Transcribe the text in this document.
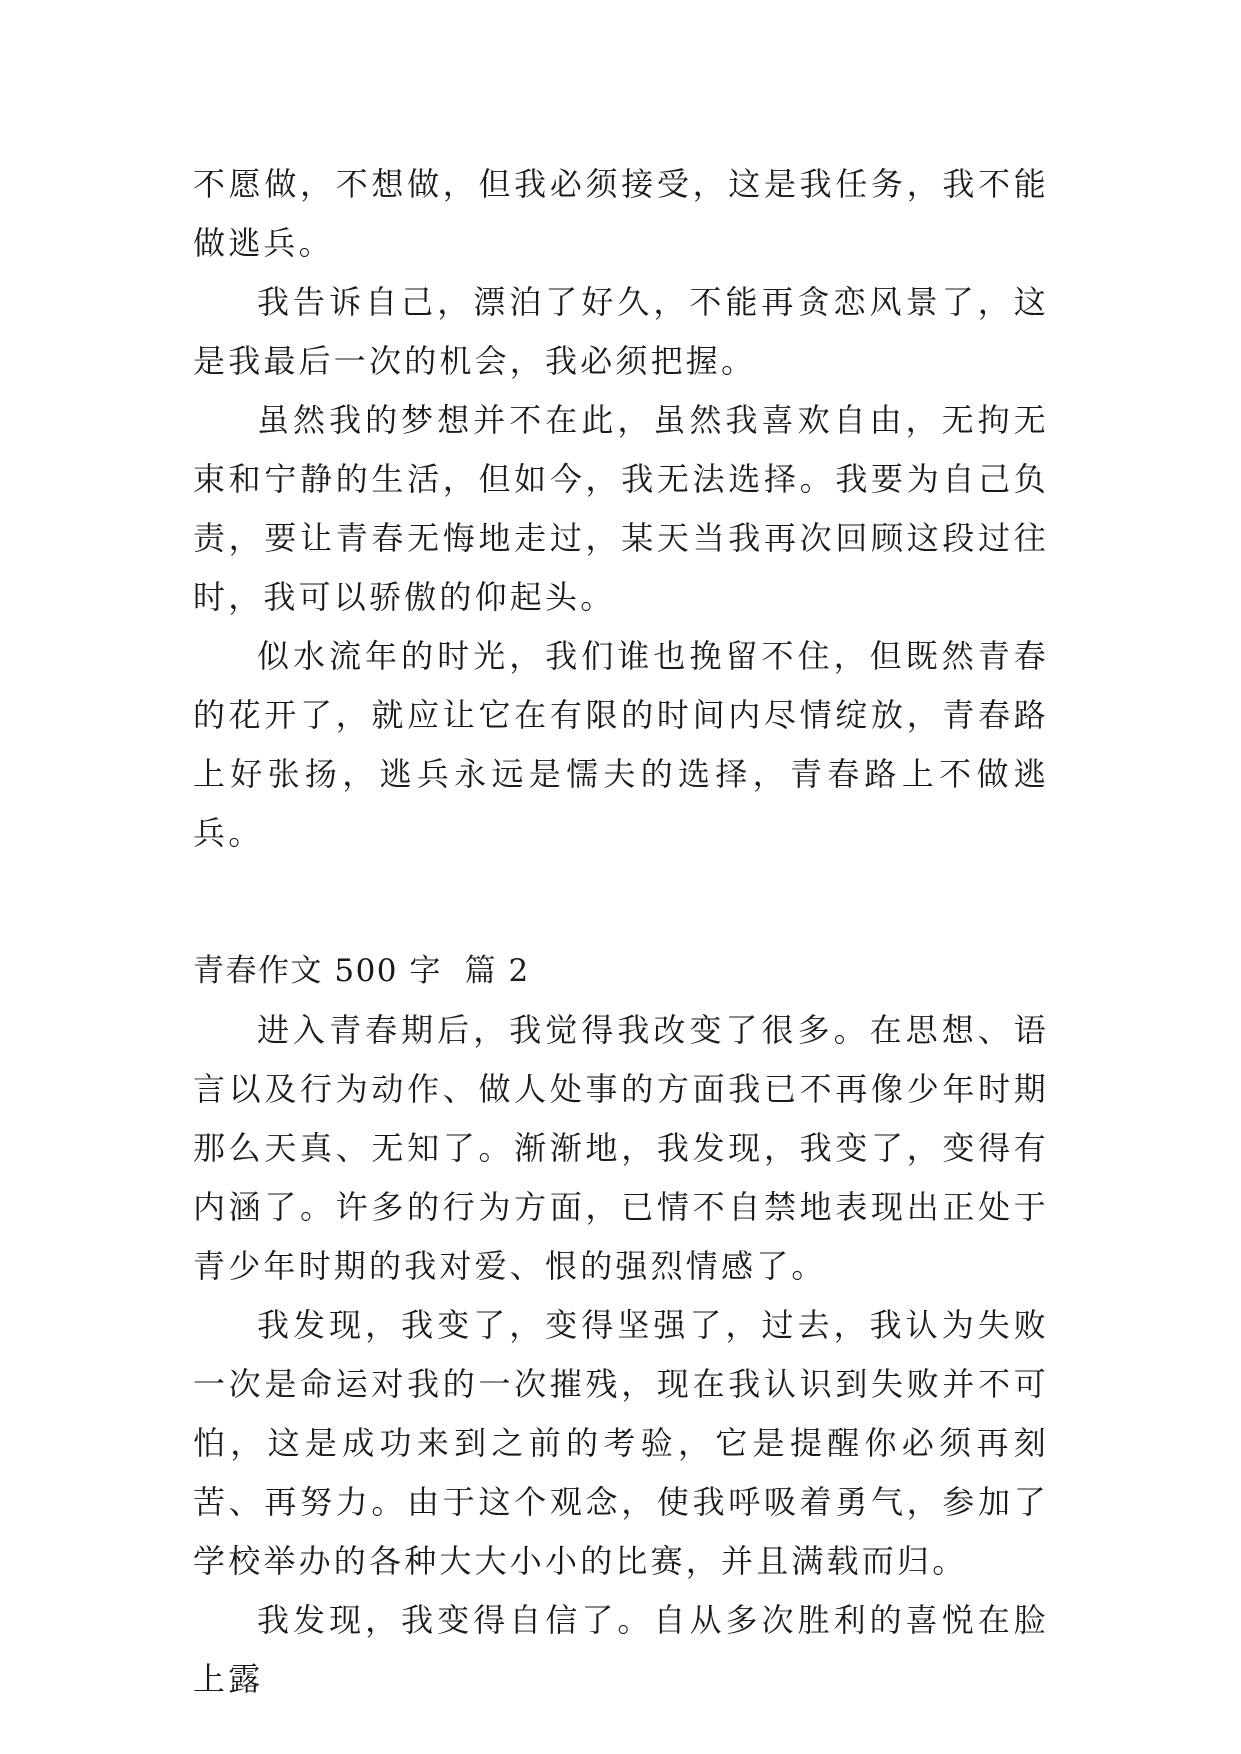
不愿做，不想做，但我必须接受，这是我任务，我不能做逃兵。

我告诉自己，漂泊了好久，不能再贪恋风景了，这是我最后一次的机会，我必须把握。

虽然我的梦想并不在此，虽然我喜欢自由，无拘无束和宁静的生活，但如今，我无法选择。我要为自己负责，要让青春无悔地走过，某天当我再次回顾这段过往时，我可以骄傲的仰起头。

似水流年的时光，我们谁也挽留不住，但既然青春的花开了，就应让它在有限的时间内尽情绽放，青春路上好张扬，逃兵永远是懦夫的选择，青春路上不做逃兵。

青春作文 500 字  篇 2

进入青春期后，我觉得我改变了很多。在思想、语言以及行为动作、做人处事的方面我已不再像少年时期那么天真、无知了。渐渐地，我发现，我变了，变得有内涵了。许多的行为方面，已情不自禁地表现出正处于青少年时期的我对爱、恨的强烈情感了。

我发现，我变了，变得坚强了，过去，我认为失败一次是命运对我的一次摧残，现在我认识到失败并不可怕，这是成功来到之前的考验，它是提醒你必须再刻苦、再努力。由于这个观念，使我呼吸着勇气，参加了学校举办的各种大大小小的比赛，并且满载而归。

我发现，我变得自信了。自从多次胜利的喜悦在脸上露
